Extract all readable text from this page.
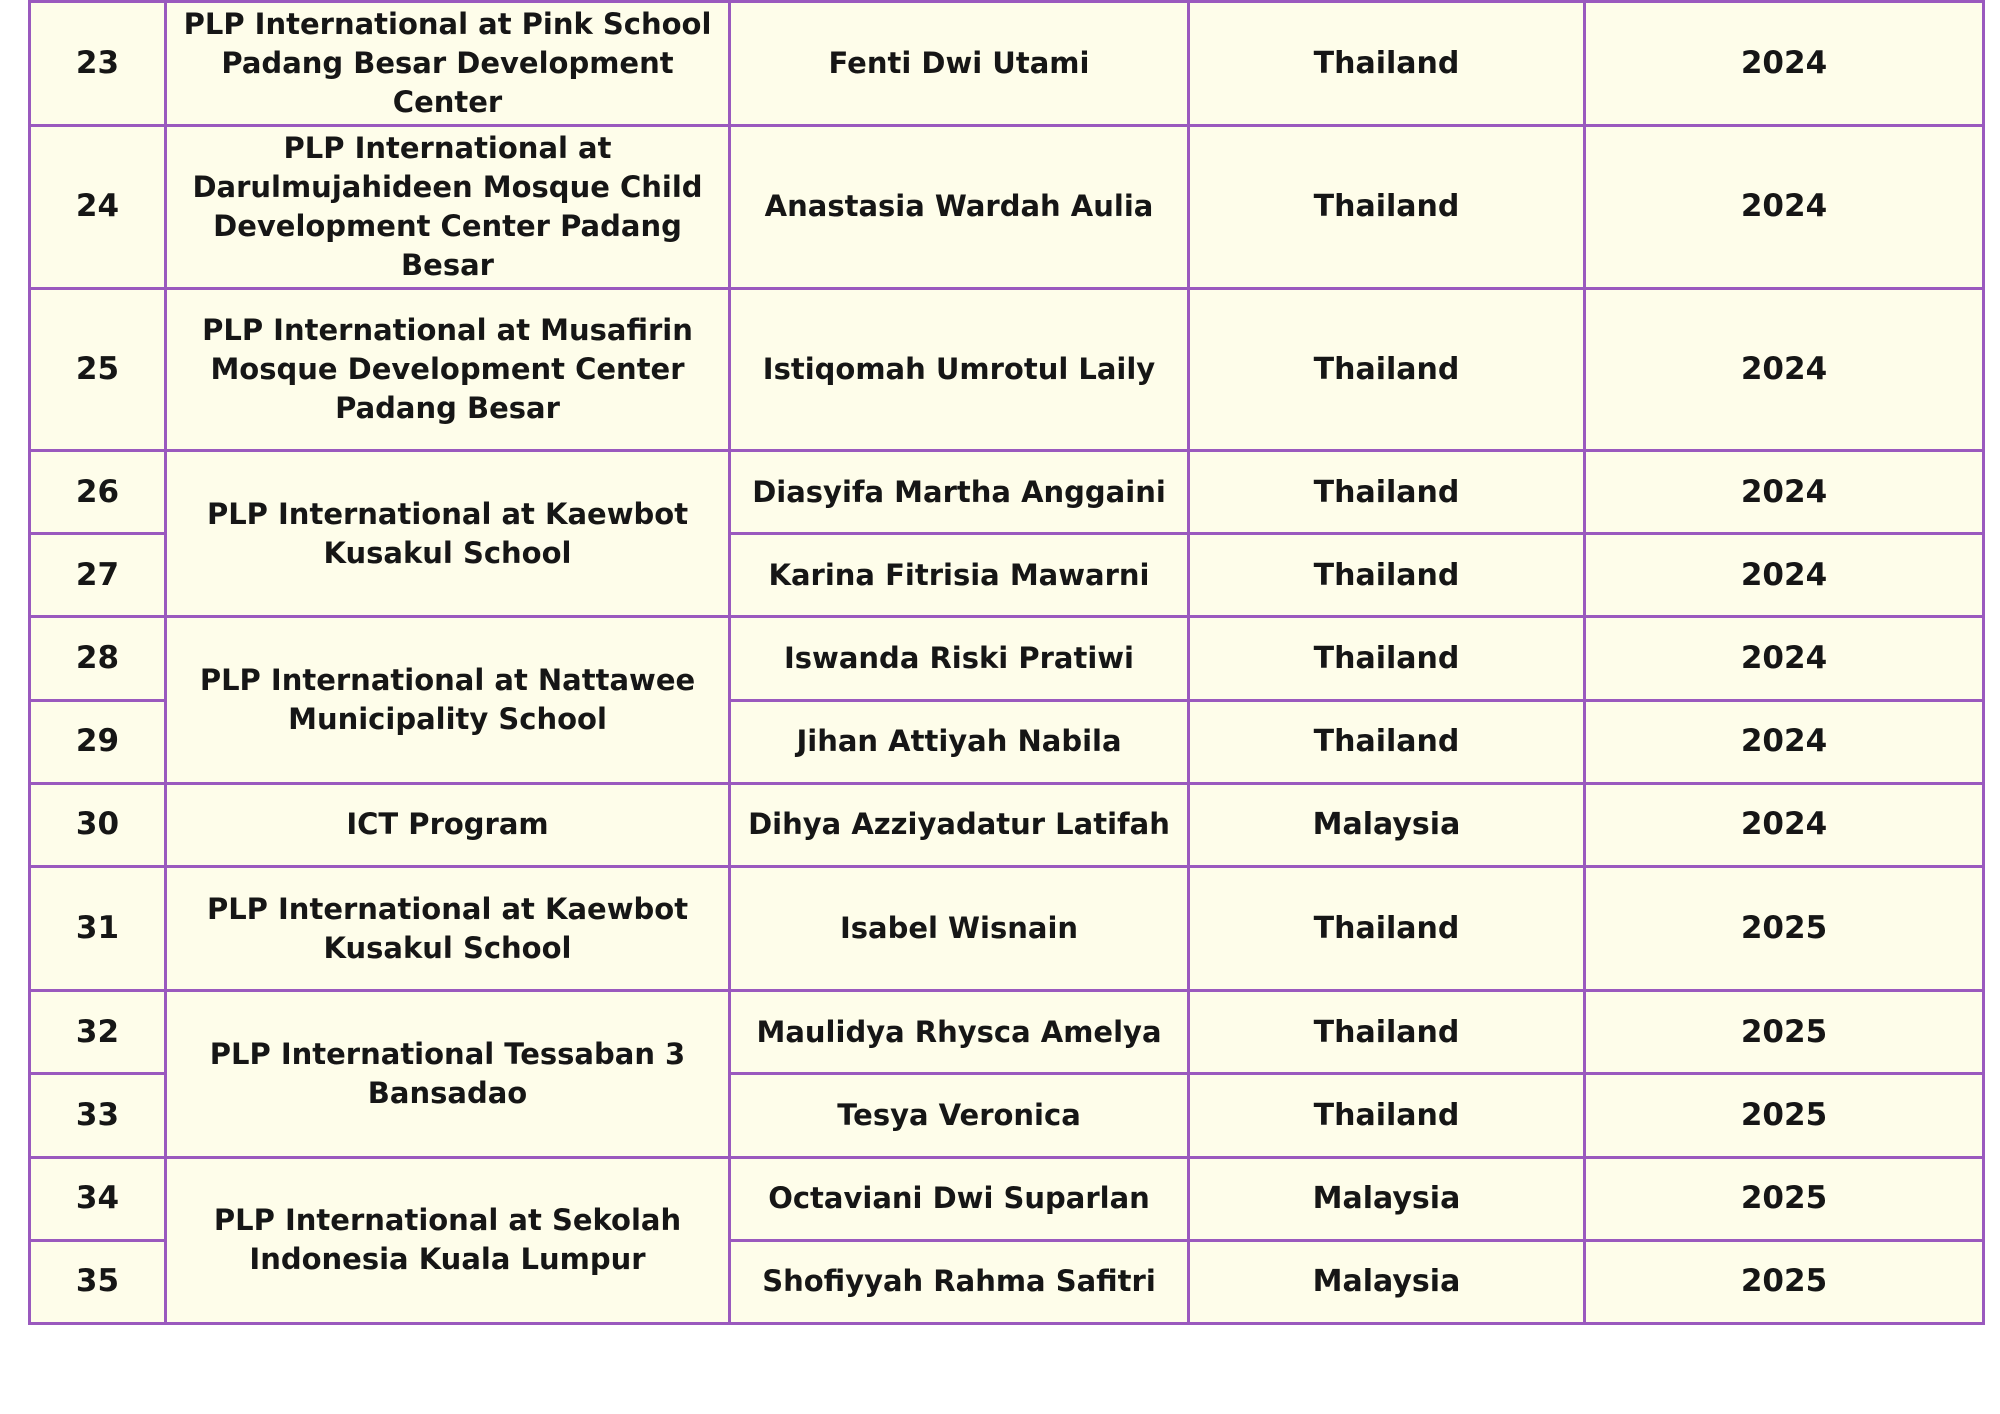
23	PLP International at Pink School Padang Besar Development Center	Fenti Dwi Utami	Thailand	2024
24	PLP International at Darulmujahideen Mosque Child Development Center Padang Besar	Anastasia Wardah Aulia	Thailand	2024
25	PLP International at Musafirin Mosque Development Center Padang Besar	Istiqomah Umrotul Laily	Thailand	2024
26	PLP International at Kaewbot Kusakul School	Diasyifa Martha Anggaini	Thailand	2024
27		Karina Fitrisia Mawarni	Thailand	2024
28	PLP International at Nattawee Municipality School	Iswanda Riski Pratiwi	Thailand	2024
29		Jihan Attiyah Nabila	Thailand	2024
30	ICT Program	Dihya Azziyadatur Latifah	Malaysia	2024
31	PLP International at Kaewbot Kusakul School	Isabel Wisnain	Thailand	2025
32	PLP International Tessaban 3 Bansadao	Maulidya Rhysca Amelya	Thailand	2025
33		Tesya Veronica	Thailand	2025
34	PLP International at Sekolah Indonesia Kuala Lumpur	Octaviani Dwi Suparlan	Malaysia	2025
35		Shofiyyah Rahma Safitri	Malaysia	2025
